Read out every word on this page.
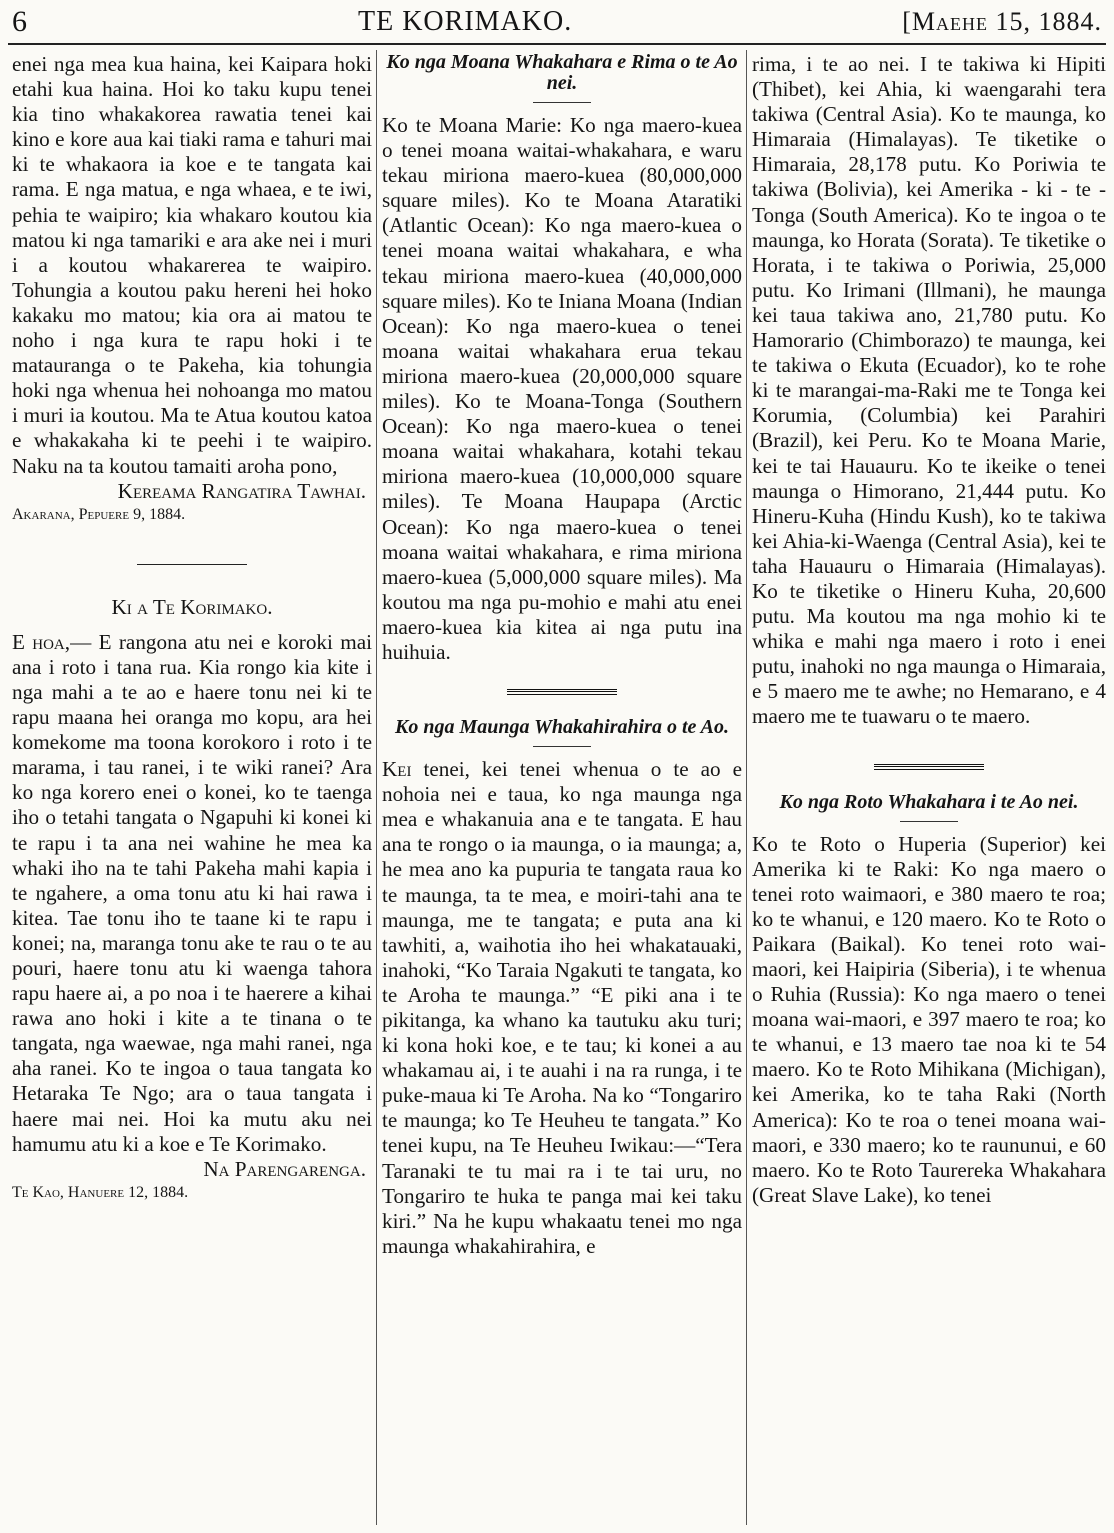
6	TE KORIMAKO.	[Maehe 15, 1884.

enei nga mea kua haina, kei Kaipara hoki etahi kua haina. Hoi ko taku kupu tenei kia tino whakakorea rawatia tenei kai kino e kore aua kai tiaki rama e tahuri mai ki te whakaora ia koe e te tangata kai rama. E nga matua, e nga whaea, e te iwi, pehia te waipiro; kia whakaro koutou kia matou ki nga tamariki e ara ake nei i muri i a koutou whakarerea te waipiro. Tohungia a koutou paku hereni hei hoko kakaku mo matou; kia ora ai matou te noho i nga kura te rapu hoki i te matauranga o te Pakeha, kia tohungia hoki nga whenua hei nohoanga mo matou i muri ia koutou. Ma te Atua koutou katoa e whakakaha ki te peehi i te waipiro. Naku na ta koutou tamaiti aroha pono,

Kereama Rangatira Tawhai.

Akarana, Pepuere 9, 1884.

Ki a Te Korimako.

E hoa,— E rangona atu nei e koroki mai ana i roto i tana rua. Kia rongo kia kite i nga mahi a te ao e haere tonu nei ki te rapu maana hei oranga mo kopu, ara hei komekome ma toona korokoro i roto i te marama, i tau ranei, i te wiki ranei? Ara ko nga korero enei o konei, ko te taenga iho o tetahi tangata o Ngapuhi ki konei ki te rapu i ta ana nei wahine he mea ka whaki iho na te tahi Pakeha mahi kapia i te ngahere, a oma tonu atu ki hai rawa i kitea. Tae tonu iho te taane ki te rapu i konei; na, maranga tonu ake te rau o te au pouri, haere tonu atu ki waenga tahora rapu haere ai, a po noa i te haerere a kihai rawa ano hoki i kite a te tinana o te tangata, nga waewae, nga mahi ranei, nga aha ranei. Ko te ingoa o taua tangata ko Hetaraka Te Ngo; ara o taua tangata i haere mai nei. Hoi ka mutu aku nei hamumu atu ki a koe e Te Korimako.

Na Parengarenga.

Te Kao, Hanuere 12, 1884.

Ko nga Moana Whakahara e Rima o te Ao nei.

Ko te Moana Marie: Ko nga maero-kuea o tenei moana waitai-whakahara, e waru tekau miriona maero-kuea (80,000,000 square miles). Ko te Moana Ataratiki (Atlantic Ocean): Ko nga maero-kuea o tenei moana waitai whakahara, e wha tekau miriona maero-kuea (40,000,000 square miles). Ko te Iniana Moana (Indian Ocean): Ko nga maero-kuea o tenei moana waitai whakahara erua tekau miriona maero-kuea (20,000,000 square miles). Ko te Moana-Tonga (Southern Ocean): Ko nga maero-kuea o tenei moana waitai whakahara, kotahi tekau miriona maero-kuea (10,000,000 square miles). Te Moana Haupapa (Arctic Ocean): Ko nga maero-kuea o tenei moana waitai whakahara, e rima miriona maero-kuea (5,000,000 square miles). Ma koutou ma nga pu-mohio e mahi atu enei maero-kuea kia kitea ai nga putu ina huihuia.

Ko nga Maunga Whakahirahira o te Ao.

Kei tenei, kei tenei whenua o te ao e nohoia nei e taua, ko nga maunga nga mea e whakanuia ana e te tangata. E hau ana te rongo o ia maunga, o ia maunga; a, he mea ano ka pupuria te tangata raua ko te maunga, ta te mea, e moiri-tahi ana te maunga, me te tangata; e puta ana ki tawhiti, a, waihotia iho hei whakatauaki, inahoki, “Ko Taraia Ngakuti te tangata, ko te Aroha te maunga.” “E piki ana i te pikitanga, ka whano ka tautuku aku turi; ki kona hoki koe, e te tau; ki konei a au whakamau ai, i te auahi i na ra runga, i te puke-maua ki Te Aroha. Na ko “Tongariro te maunga; ko Te Heuheu te tangata.” Ko tenei kupu, na Te Heuheu Iwikau:—“Tera Taranaki te tu mai ra i te tai uru, no Tongariro te huka te panga mai kei taku kiri.” Na he kupu whakaatu tenei mo nga maunga whakahirahira, e

rima, i te ao nei. I te takiwa ki Hipiti (Thibet), kei Ahia, ki waengarahi tera takiwa (Central Asia). Ko te maunga, ko Himaraia (Himalayas). Te tiketike o Himaraia, 28,178 putu. Ko Poriwia te takiwa (Bolivia), kei Amerika - ki - te - Tonga (South America). Ko te ingoa o te maunga, ko Horata (Sorata). Te tiketike o Horata, i te takiwa o Poriwia, 25,000 putu. Ko Irimani (Illmani), he maunga kei taua takiwa ano, 21,780 putu. Ko Hamorario (Chimborazo) te maunga, kei te takiwa o Ekuta (Ecuador), ko te rohe ki te marangai-ma-Raki me te Tonga kei Korumia, (Columbia) kei Parahiri (Brazil), kei Peru. Ko te Moana Marie, kei te tai Hauauru. Ko te ikeike o tenei maunga o Himorano, 21,444 putu. Ko Hineru-Kuha (Hindu Kush), ko te takiwa kei Ahia-ki-Waenga (Central Asia), kei te taha Hauauru o Himaraia (Himalayas). Ko te tiketike o Hineru Kuha, 20,600 putu. Ma koutou ma nga mohio ki te whika e mahi nga maero i roto i enei putu, inahoki no nga maunga o Himaraia, e 5 maero me te awhe; no Hemarano, e 4 maero me te tuawaru o te maero.

Ko nga Roto Whakahara i te Ao nei.

Ko te Roto o Huperia (Superior) kei Amerika ki te Raki: Ko nga maero o tenei roto waimaori, e 380 maero te roa; ko te whanui, e 120 maero. Ko te Roto o Paikara (Baikal). Ko tenei roto wai-maori, kei Haipiria (Siberia), i te whenua o Ruhia (Russia): Ko nga maero o tenei moana wai-maori, e 397 maero te roa; ko te whanui, e 13 maero tae noa ki te 54 maero. Ko te Roto Mihikana (Michigan), kei Amerika, ko te taha Raki (North America): Ko te roa o tenei moana wai-maori, e 330 maero; ko te raununui, e 60 maero. Ko te Roto Taurereka Whakahara (Great Slave Lake), ko tenei
